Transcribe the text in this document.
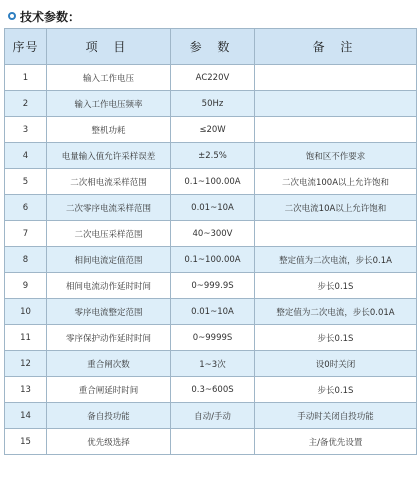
技术参数：
序号	项 目	参 数	备 注
1	输入工作电压	AC220V	
2	输入工作电压频率	50Hz	
3	整机功耗	≤20W	
4	电量输入值允许采样误差	±2.5%	饱和区不作要求
5	二次相电流采样范围	0.1~100.00A	二次电流100A以上允许饱和
6	二次零序电流采样范围	0.01~10A	二次电流10A以上允许饱和
7	二次电压采样范围	40~300V	
8	相间电流定值范围	0.1~100.00A	整定值为二次电流，步长0.1A
9	相间电流动作延时时间	0~999.9S	步长0.1S
10	零序电流整定范围	0.01~10A	整定值为二次电流，步长0.01A
11	零序保护动作延时时间	0~9999S	步长0.1S
12	重合闸次数	1~3次	设0时关闭
13	重合闸延时时间	0.3~600S	步长0.1S
14	备自投功能	自动/手动	手动时关闭自投功能
15	优先级选择		主/备优先设置
